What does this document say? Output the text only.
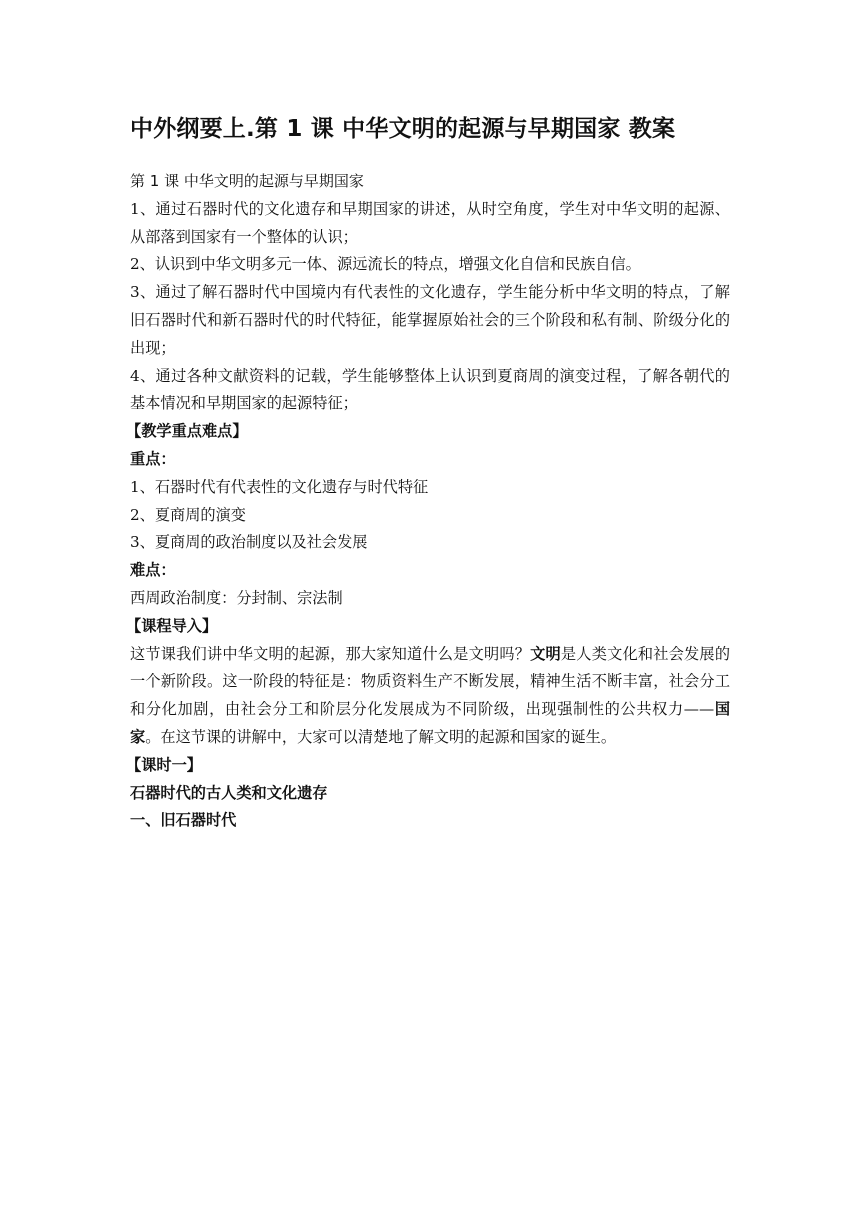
中外纲要上.第 1 课 中华文明的起源与早期国家 教案

第 1 课 中华文明的起源与早期国家

1、通过石器时代的文化遗存和早期国家的讲述，从时空角度，学生对中华文明的起源、从部落到国家有一个整体的认识；

2、认识到中华文明多元一体、源远流长的特点，增强文化自信和民族自信。

3、通过了解石器时代中国境内有代表性的文化遗存，学生能分析中华文明的特点，了解旧石器时代和新石器时代的时代特征，能掌握原始社会的三个阶段和私有制、阶级分化的出现；

4、通过各种文献资料的记载，学生能够整体上认识到夏商周的演变过程，了解各朝代的基本情况和早期国家的起源特征；

【教学重点难点】

重点：

1、石器时代有代表性的文化遗存与时代特征

2、夏商周的演变

3、夏商周的政治制度以及社会发展

难点：

西周政治制度：分封制、宗法制

【课程导入】

这节课我们讲中华文明的起源，那大家知道什么是文明吗？文明是人类文化和社会发展的一个新阶段。这一阶段的特征是：物质资料生产不断发展，精神生活不断丰富，社会分工和分化加剧，由社会分工和阶层分化发展成为不同阶级，出现强制性的公共权力——国家。在这节课的讲解中，大家可以清楚地了解文明的起源和国家的诞生。

【课时一】

石器时代的古人类和文化遗存

一、旧石器时代
